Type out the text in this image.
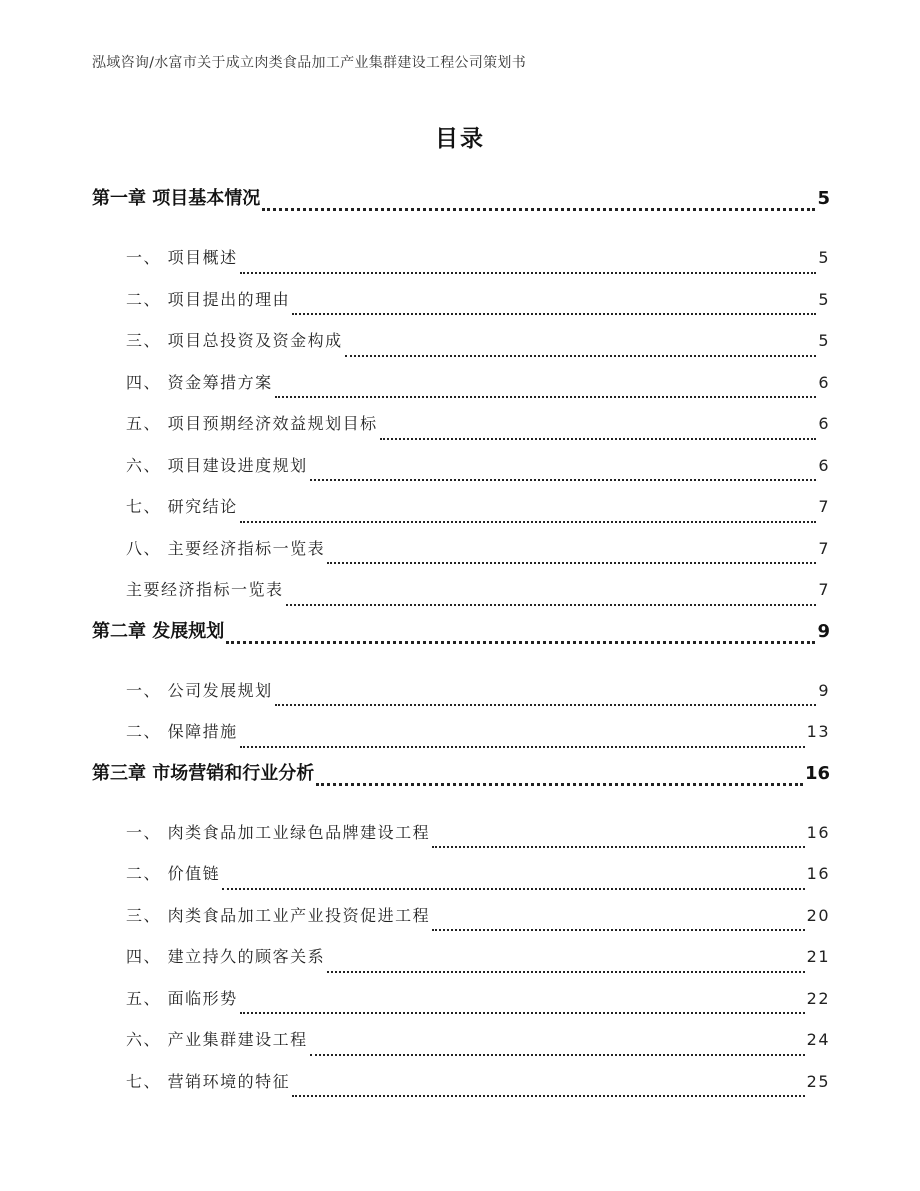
泓域咨询/水富市关于成立肉类食品加工产业集群建设工程公司策划书
目录
第一章 项目基本情况	5
一、 项目概述	5
二、 项目提出的理由	5
三、 项目总投资及资金构成	5
四、 资金筹措方案	6
五、 项目预期经济效益规划目标	6
六、 项目建设进度规划	6
七、 研究结论	7
八、 主要经济指标一览表	7
主要经济指标一览表	7
第二章 发展规划	9
一、 公司发展规划	9
二、 保障措施	13
第三章 市场营销和行业分析	16
一、 肉类食品加工业绿色品牌建设工程	16
二、 价值链	16
三、 肉类食品加工业产业投资促进工程	20
四、 建立持久的顾客关系	21
五、 面临形势	22
六、 产业集群建设工程	24
七、 营销环境的特征	25
